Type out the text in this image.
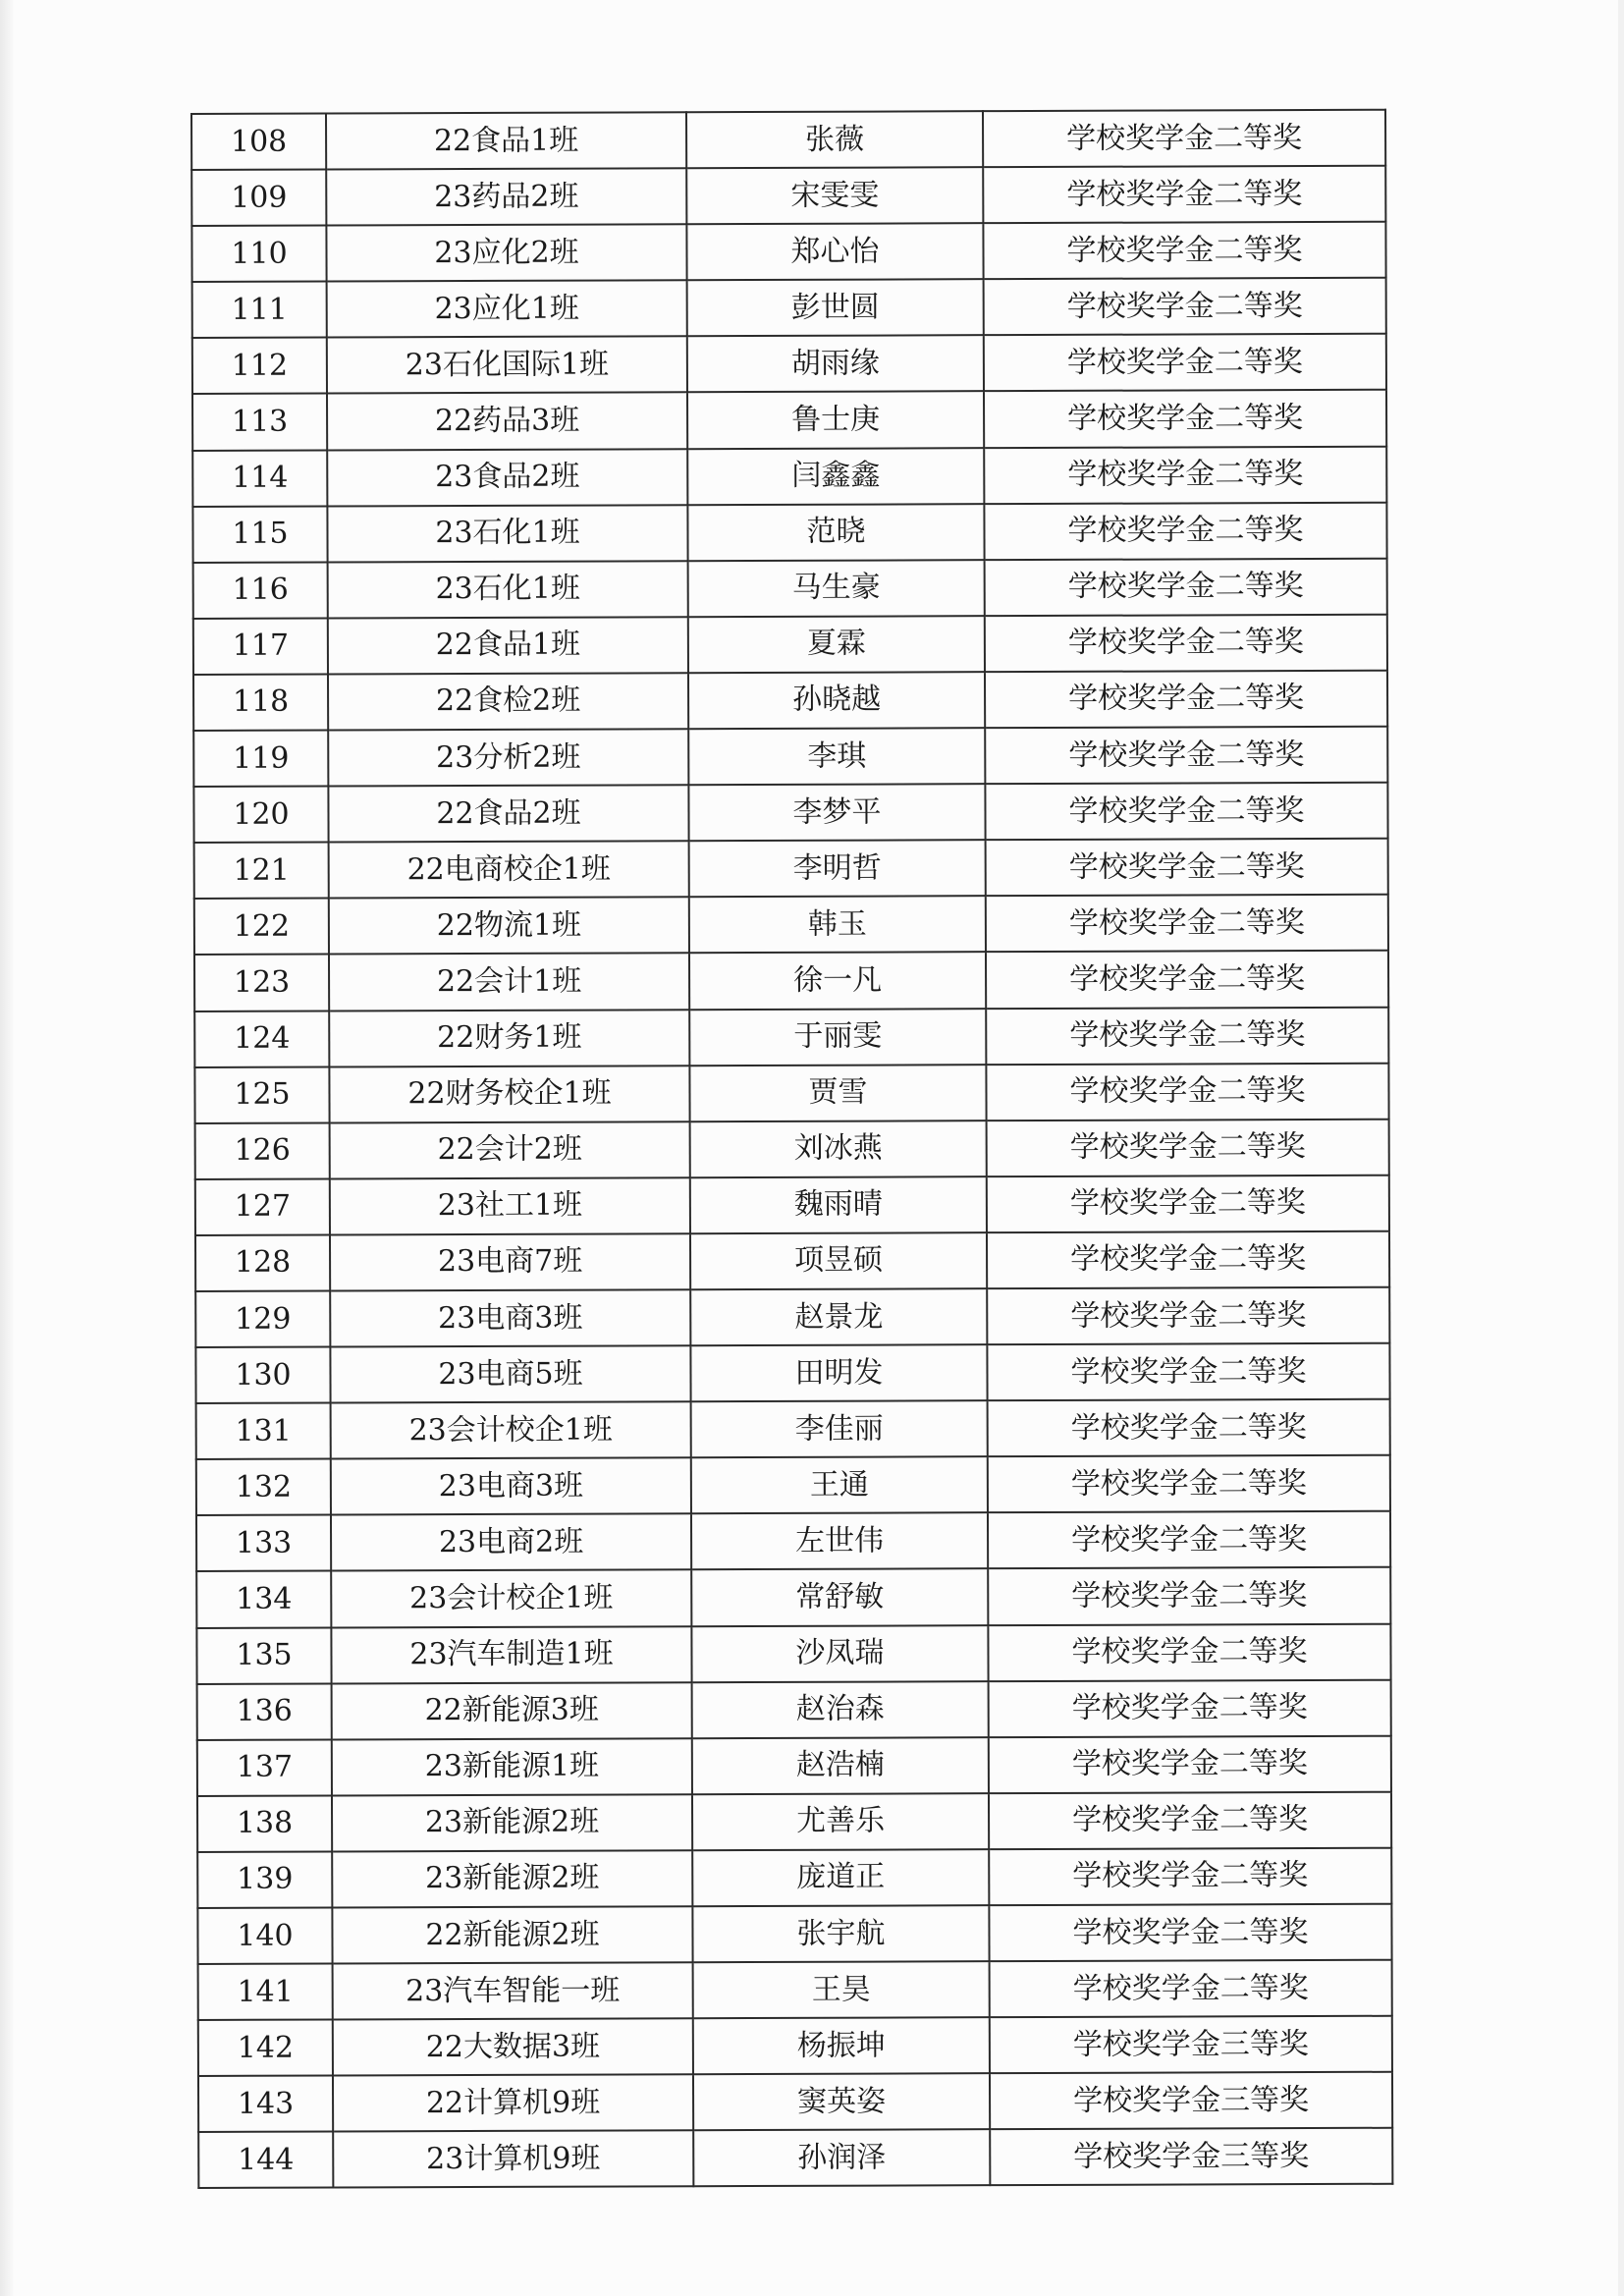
108	22食品1班	张薇	学校奖学金二等奖
109	23药品2班	宋雯雯	学校奖学金二等奖
110	23应化2班	郑心怡	学校奖学金二等奖
111	23应化1班	彭世圆	学校奖学金二等奖
112	23石化国际1班	胡雨缘	学校奖学金二等奖
113	22药品3班	鲁士庚	学校奖学金二等奖
114	23食品2班	闫鑫鑫	学校奖学金二等奖
115	23石化1班	范晓	学校奖学金二等奖
116	23石化1班	马生豪	学校奖学金二等奖
117	22食品1班	夏霖	学校奖学金二等奖
118	22食检2班	孙晓越	学校奖学金二等奖
119	23分析2班	李琪	学校奖学金二等奖
120	22食品2班	李梦平	学校奖学金二等奖
121	22电商校企1班	李明哲	学校奖学金二等奖
122	22物流1班	韩玉	学校奖学金二等奖
123	22会计1班	徐一凡	学校奖学金二等奖
124	22财务1班	于丽雯	学校奖学金二等奖
125	22财务校企1班	贾雪	学校奖学金二等奖
126	22会计2班	刘冰燕	学校奖学金二等奖
127	23社工1班	魏雨晴	学校奖学金二等奖
128	23电商7班	项昱硕	学校奖学金二等奖
129	23电商3班	赵景龙	学校奖学金二等奖
130	23电商5班	田明发	学校奖学金二等奖
131	23会计校企1班	李佳丽	学校奖学金二等奖
132	23电商3班	王通	学校奖学金二等奖
133	23电商2班	左世伟	学校奖学金二等奖
134	23会计校企1班	常舒敏	学校奖学金二等奖
135	23汽车制造1班	沙凤瑞	学校奖学金二等奖
136	22新能源3班	赵治森	学校奖学金二等奖
137	23新能源1班	赵浩楠	学校奖学金二等奖
138	23新能源2班	尤善乐	学校奖学金二等奖
139	23新能源2班	庞道正	学校奖学金二等奖
140	22新能源2班	张宇航	学校奖学金二等奖
141	23汽车智能一班	王昊	学校奖学金二等奖
142	22大数据3班	杨振坤	学校奖学金三等奖
143	22计算机9班	窦英姿	学校奖学金三等奖
144	23计算机9班	孙润泽	学校奖学金三等奖
